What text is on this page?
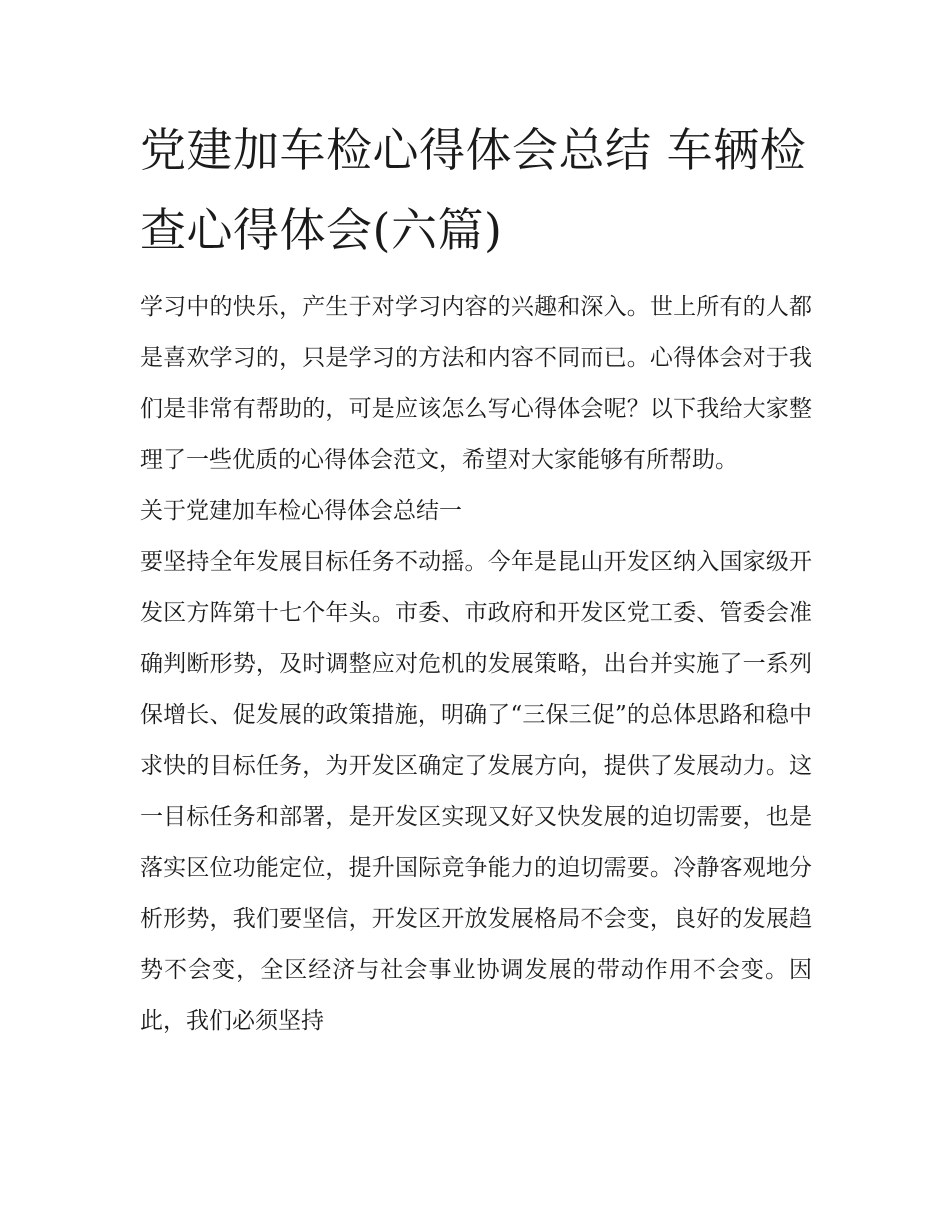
党建加车检心得体会总结 车辆检查心得体会(六篇)

学习中的快乐，产生于对学习内容的兴趣和深入。世上所有的人都是喜欢学习的，只是学习的方法和内容不同而已。心得体会对于我们是非常有帮助的，可是应该怎么写心得体会呢？以下我给大家整理了一些优质的心得体会范文，希望对大家能够有所帮助。

关于党建加车检心得体会总结一

要坚持全年发展目标任务不动摇。今年是昆山开发区纳入国家级开发区方阵第十七个年头。市委、市政府和开发区党工委、管委会准确判断形势，及时调整应对危机的发展策略，出台并实施了一系列保增长、促发展的政策措施，明确了“三保三促”的总体思路和稳中求快的目标任务，为开发区确定了发展方向，提供了发展动力。这一目标任务和部署，是开发区实现又好又快发展的迫切需要，也是落实区位功能定位，提升国际竞争能力的迫切需要。冷静客观地分析形势，我们要坚信，开发区开放发展格局不会变，良好的发展趋势不会变，全区经济与社会事业协调发展的带动作用不会变。因此，我们必须坚持
